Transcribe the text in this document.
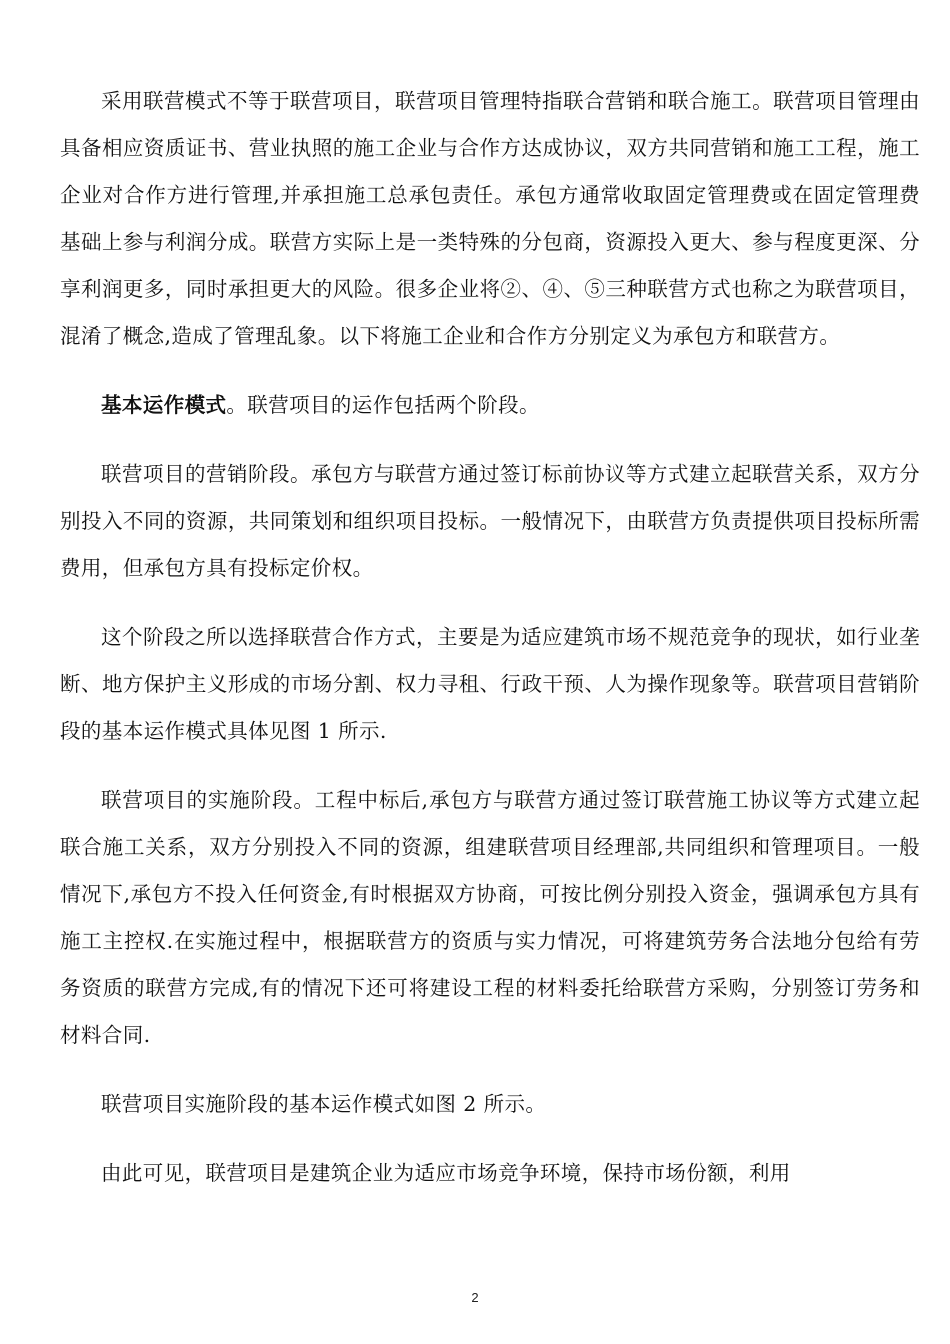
采用联营模式不等于联营项目，联营项目管理特指联合营销和联合施工。联营项目管理由具备相应资质证书、营业执照的施工企业与合作方达成协议，双方共同营销和施工工程，施工企业对合作方进行管理,并承担施工总承包责任。承包方通常收取固定管理费或在固定管理费基础上参与利润分成。联营方实际上是一类特殊的分包商，资源投入更大、参与程度更深、分享利润更多，同时承担更大的风险。很多企业将②、④、⑤三种联营方式也称之为联营项目，混淆了概念,造成了管理乱象。以下将施工企业和合作方分别定义为承包方和联营方。

基本运作模式。联营项目的运作包括两个阶段。

联营项目的营销阶段。承包方与联营方通过签订标前协议等方式建立起联营关系，双方分别投入不同的资源，共同策划和组织项目投标。一般情况下，由联营方负责提供项目投标所需费用，但承包方具有投标定价权。

这个阶段之所以选择联营合作方式，主要是为适应建筑市场不规范竞争的现状，如行业垄断、地方保护主义形成的市场分割、权力寻租、行政干预、人为操作现象等。联营项目营销阶段的基本运作模式具体见图 1 所示.

联营项目的实施阶段。工程中标后,承包方与联营方通过签订联营施工协议等方式建立起联合施工关系，双方分别投入不同的资源，组建联营项目经理部,共同组织和管理项目。一般情况下,承包方不投入任何资金,有时根据双方协商，可按比例分别投入资金，强调承包方具有施工主控权.在实施过程中，根据联营方的资质与实力情况，可将建筑劳务合法地分包给有劳务资质的联营方完成,有的情况下还可将建设工程的材料委托给联营方采购，分别签订劳务和材料合同.

联营项目实施阶段的基本运作模式如图 2 所示。

由此可见，联营项目是建筑企业为适应市场竞争环境，保持市场份额，利用

2
